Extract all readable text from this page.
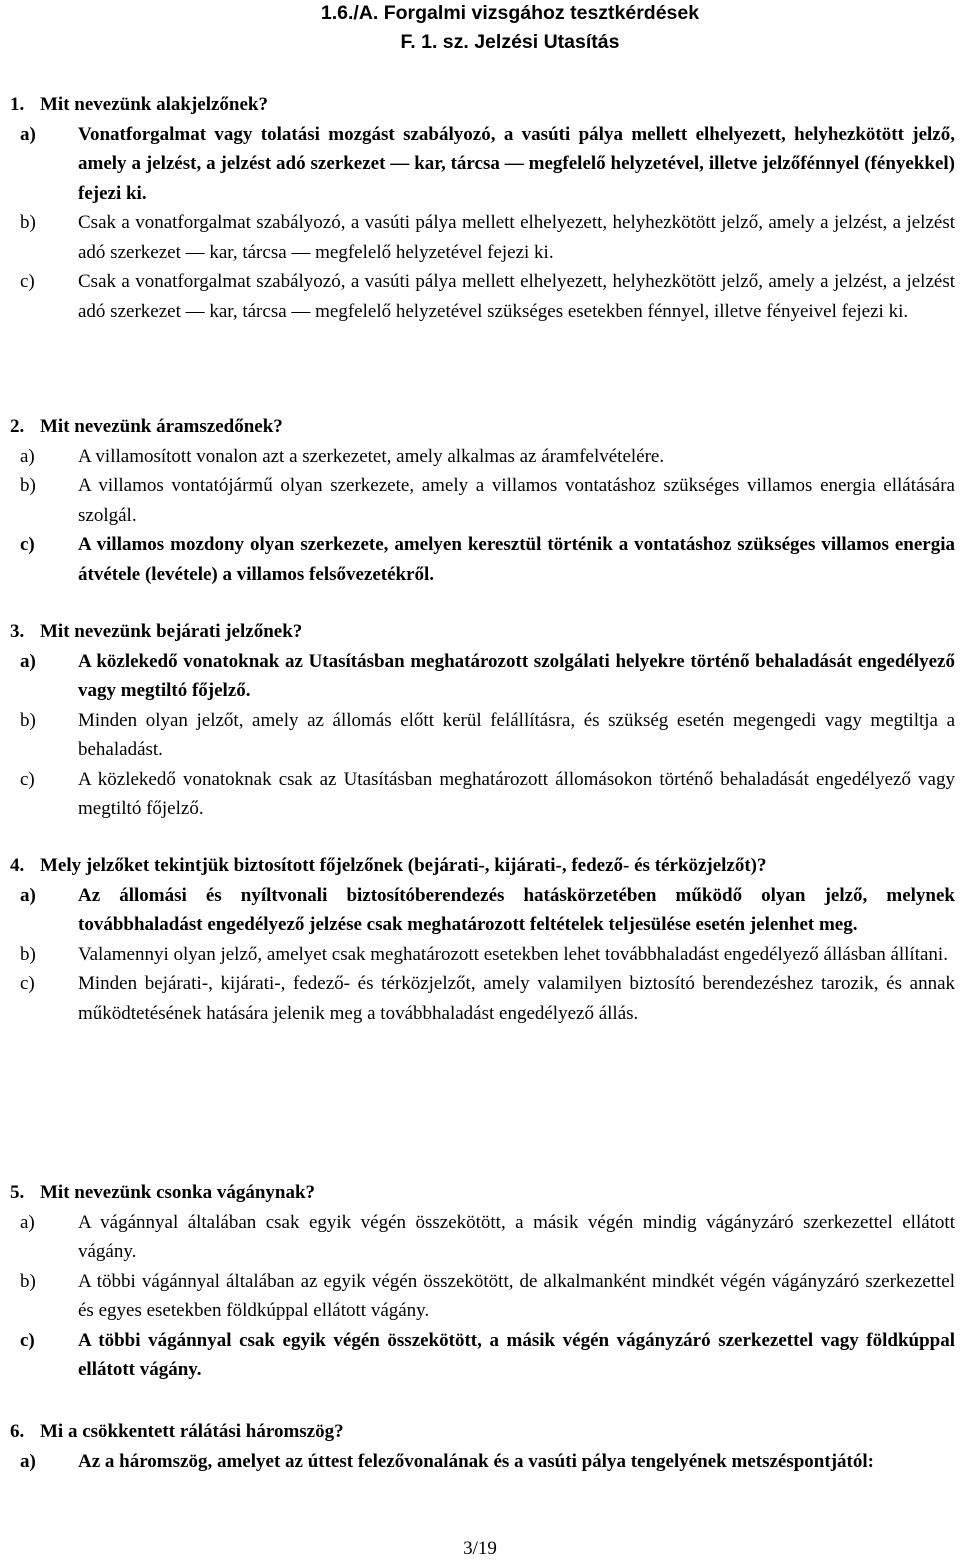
1.6./A. Forgalmi vizsgához tesztkérdések
F. 1. sz. Jelzési Utasítás
1. Mit nevezünk alakjelzőnek?
a)	Vonatforgalmat vagy tolatási mozgást szabályozó, a vasúti pálya mellett elhelyezett, helyhezkötött jelző, amely a jelzést, a jelzést adó szerkezet — kar, tárcsa — megfelelő helyzetével, illetve jelzőfénnyel (fényekkel) fejezi ki.
b)	Csak a vonatforgalmat szabályozó, a vasúti pálya mellett elhelyezett, helyhezkötött jelző, amely a jelzést, a jelzést adó szerkezet — kar, tárcsa — megfelelő helyzetével fejezi ki.
c)	Csak a vonatforgalmat szabályozó, a vasúti pálya mellett elhelyezett, helyhezkötött jelző, amely a jelzést, a jelzést adó szerkezet — kar, tárcsa — megfelelő helyzetével szükséges esetekben fénnyel, illetve fényeivel fejezi ki.
2. Mit nevezünk áramszedőnek?
a)	A villamosított vonalon azt a szerkezetet, amely alkalmas az áramfelvételére.
b)	A villamos vontatójármű olyan szerkezete, amely a villamos vontatáshoz szükséges villamos energia ellátására szolgál.
c)	A villamos mozdony olyan szerkezete, amelyen keresztül történik a vontatáshoz szükséges villamos energia átvétele (levétele) a villamos felsővezetékről.
3. Mit nevezünk bejárati jelzőnek?
a)	A közlekedő vonatoknak az Utasításban meghatározott szolgálati helyekre történő behaladását engedélyező vagy megtiltó főjelző.
b)	Minden olyan jelzőt, amely az állomás előtt kerül felállításra, és szükség esetén megengedi vagy megtiltja a behaladást.
c)	A közlekedő vonatoknak csak az Utasításban meghatározott állomásokon történő behaladását engedélyező vagy megtiltó főjelző.
4. Mely jelzőket tekintjük biztosított főjelzőnek (bejárati-, kijárati-, fedező- és térközjelzőt)?
a)	Az állomási és nyíltvonali biztosítóberendezés hatáskörzetében működő olyan jelző, melynek továbbhaladást engedélyező jelzése csak meghatározott feltételek teljesülése esetén jelenhet meg.
b)	Valamennyi olyan jelző, amelyet csak meghatározott esetekben lehet továbbhaladást engedélyező állásban állítani.
c)	Minden bejárati-, kijárati-, fedező- és térközjelzőt, amely valamilyen biztosító berendezéshez tarozik, és annak működtetésének hatására jelenik meg a továbbhaladást engedélyező állás.
5. Mit nevezünk csonka vágánynak?
a)	A vágánnyal általában csak egyik végén összekötött, a másik végén mindig vágányzáró szerkezettel ellátott vágány.
b)	A többi vágánnyal általában az egyik végén összekötött, de alkalmanként mindkét végén vágányzáró szerkezettel és egyes esetekben földkúppal ellátott vágány.
c)	A többi vágánnyal csak egyik végén összekötött, a másik végén vágányzáró szerkezettel vagy földkúppal ellátott vágány.
6. Mi a csökkentett rálátási háromszög?
a)	Az a háromszög, amelyet az úttest felezővonalának és a vasúti pálya tengelyének metszéspontjától:
3/19
